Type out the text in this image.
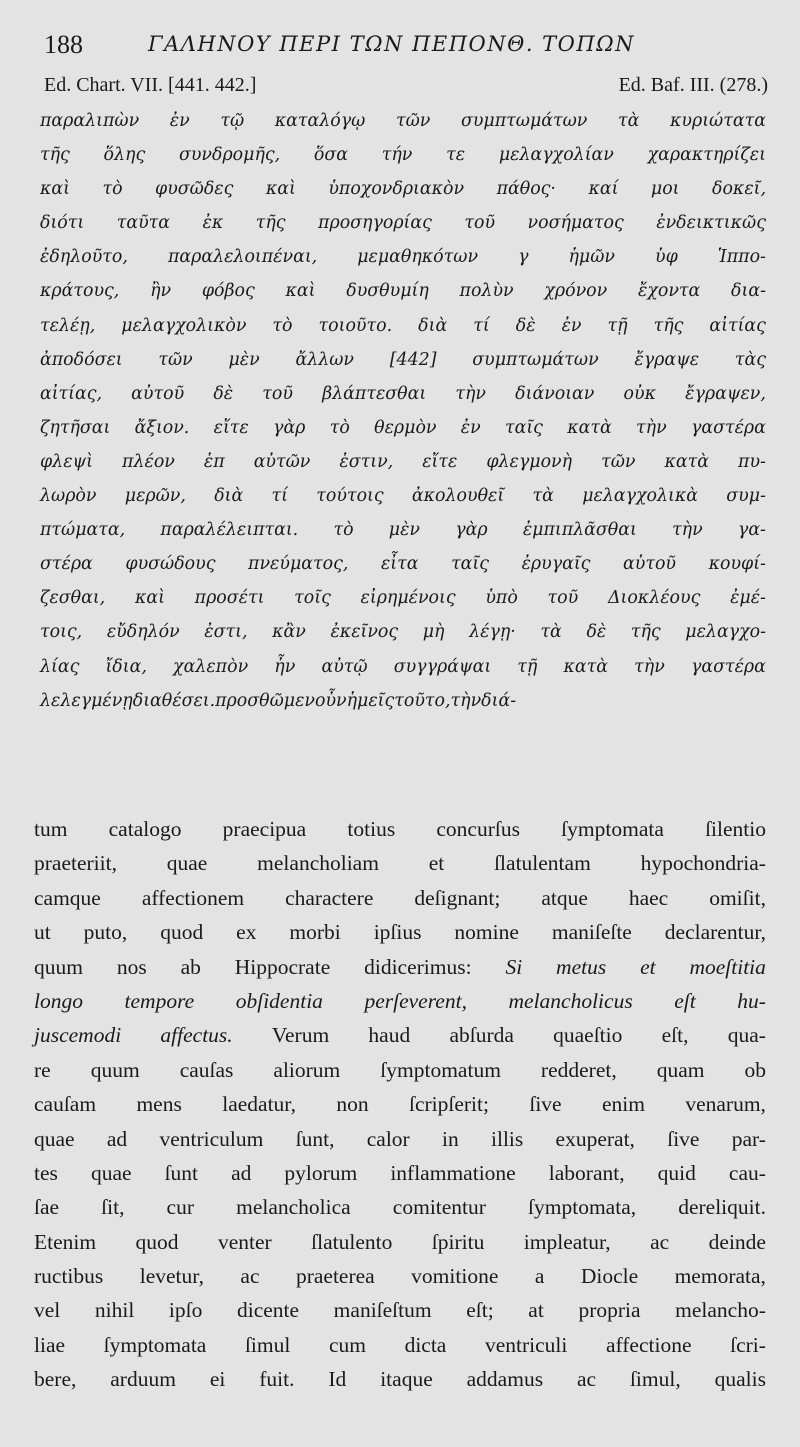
188	ΓΑΛΗΝΟΥ ΠΕΡΙ ΤΩΝ ΠΕΠΟΝΘ. ΤΟΠΩΝ
Ed. Chart. VII. [441. 442.]	Ed. Baf. III. (278.)
παραλιπὼν ἐν τῷ καταλόγῳ τῶν συμπτωμάτων τὰ κυριώτατα
τῆς ὅλης συνδρομῆς, ὅσα τήν τε μελαγχολίαν χαρακτηρίζει
καὶ τὸ φυσῶδες καὶ ὑποχονδριακὸν πάθος· καί μοι δοκεῖ,
διότι ταῦτα ἐκ τῆς προσηγορίας τοῦ νοσήματος ἐνδεικτικῶς
ἐδηλοῦτο, παραλελοιπέναι, μεμαθηκότων γ ἡμῶν ὑφ Ἱππο-
κράτους, ἢν φόβος καὶ δυσθυμίη πολὺν χρόνον ἔχοντα δια-
τελέῃ, μελαγχολικὸν τὸ τοιοῦτο. διὰ τί δὲ ἐν τῇ τῆς αἰτίας
ἀποδόσει τῶν μὲν ἄλλων [442] συμπτωμάτων ἔγραψε τὰς
αἰτίας, αὐτοῦ δὲ τοῦ βλάπτεσθαι τὴν διάνοιαν οὐκ ἔγραψεν,
ζητῆσαι ἄξιον. εἴτε γὰρ τὸ θερμὸν ἐν ταῖς κατὰ τὴν γαστέρα
φλεψὶ πλέον ἐπ αὐτῶν ἐστιν, εἴτε φλεγμονὴ τῶν κατὰ πυ-
λωρὸν μερῶν, διὰ τί τούτοις ἀκολουθεῖ τὰ μελαγχολικὰ συμ-
πτώματα, παραλέλειπται. τὸ μὲν γὰρ ἐμπιπλᾶσθαι τὴν γα-
στέρα φυσώδους πνεύματος, εἶτα ταῖς ἐρυγαῖς αὐτοῦ κουφί-
ζεσθαι, καὶ προσέτι τοῖς εἰρημένοις ὑπὸ τοῦ Διοκλέους ἐμέ-
τοις, εὔδηλόν ἐστι, κἂν ἐκεῖνος μὴ λέγῃ· τὰ δὲ τῆς μελαγχο-
λίας ἴδια, χαλεπὸν ἦν αὐτῷ συγγράψαι τῇ κατὰ τὴν γαστέρα
λελεγμένῃ διαθέσει. προσθῶμεν οὖν ἡμεῖς τοῦτο, τὴν διά-
tum catalogo praecipua totius concurſus ſymptomata ſilentio
praeteriit, quae melancholiam et ſlatulentam hypochondria-
camque affectionem charactere deſignant; atque haec omiſit,
ut puto, quod ex morbi ipſius nomine maniſeſte declarentur,
quum nos ab Hippocrate didicerimus: Si metus et moeſtitia
longo tempore obſidentia perſeverent, melancholicus eſt hu-
juscemodi affectus. Verum haud abſurda quaeſtio eſt, qua-
re quum cauſas aliorum ſymptomatum redderet, quam ob
cauſam mens laedatur, non ſcripſerit; ſive enim venarum,
quae ad ventriculum ſunt, calor in illis exuperat, ſive par-
tes quae ſunt ad pylorum inflammatione laborant, quid cau-
ſae ſit, cur melancholica comitentur ſymptomata, dereliquit.
Etenim quod venter ſlatulento ſpiritu impleatur, ac deinde
ructibus levetur, ac praeterea vomitione a Diocle memorata,
vel nihil ipſo dicente maniſeſtum eſt; at propria melancho-
liae ſymptomata ſimul cum dicta ventriculi affectione ſcri-
bere, arduum ei fuit. Id itaque addamus ac ſimul, qualis
